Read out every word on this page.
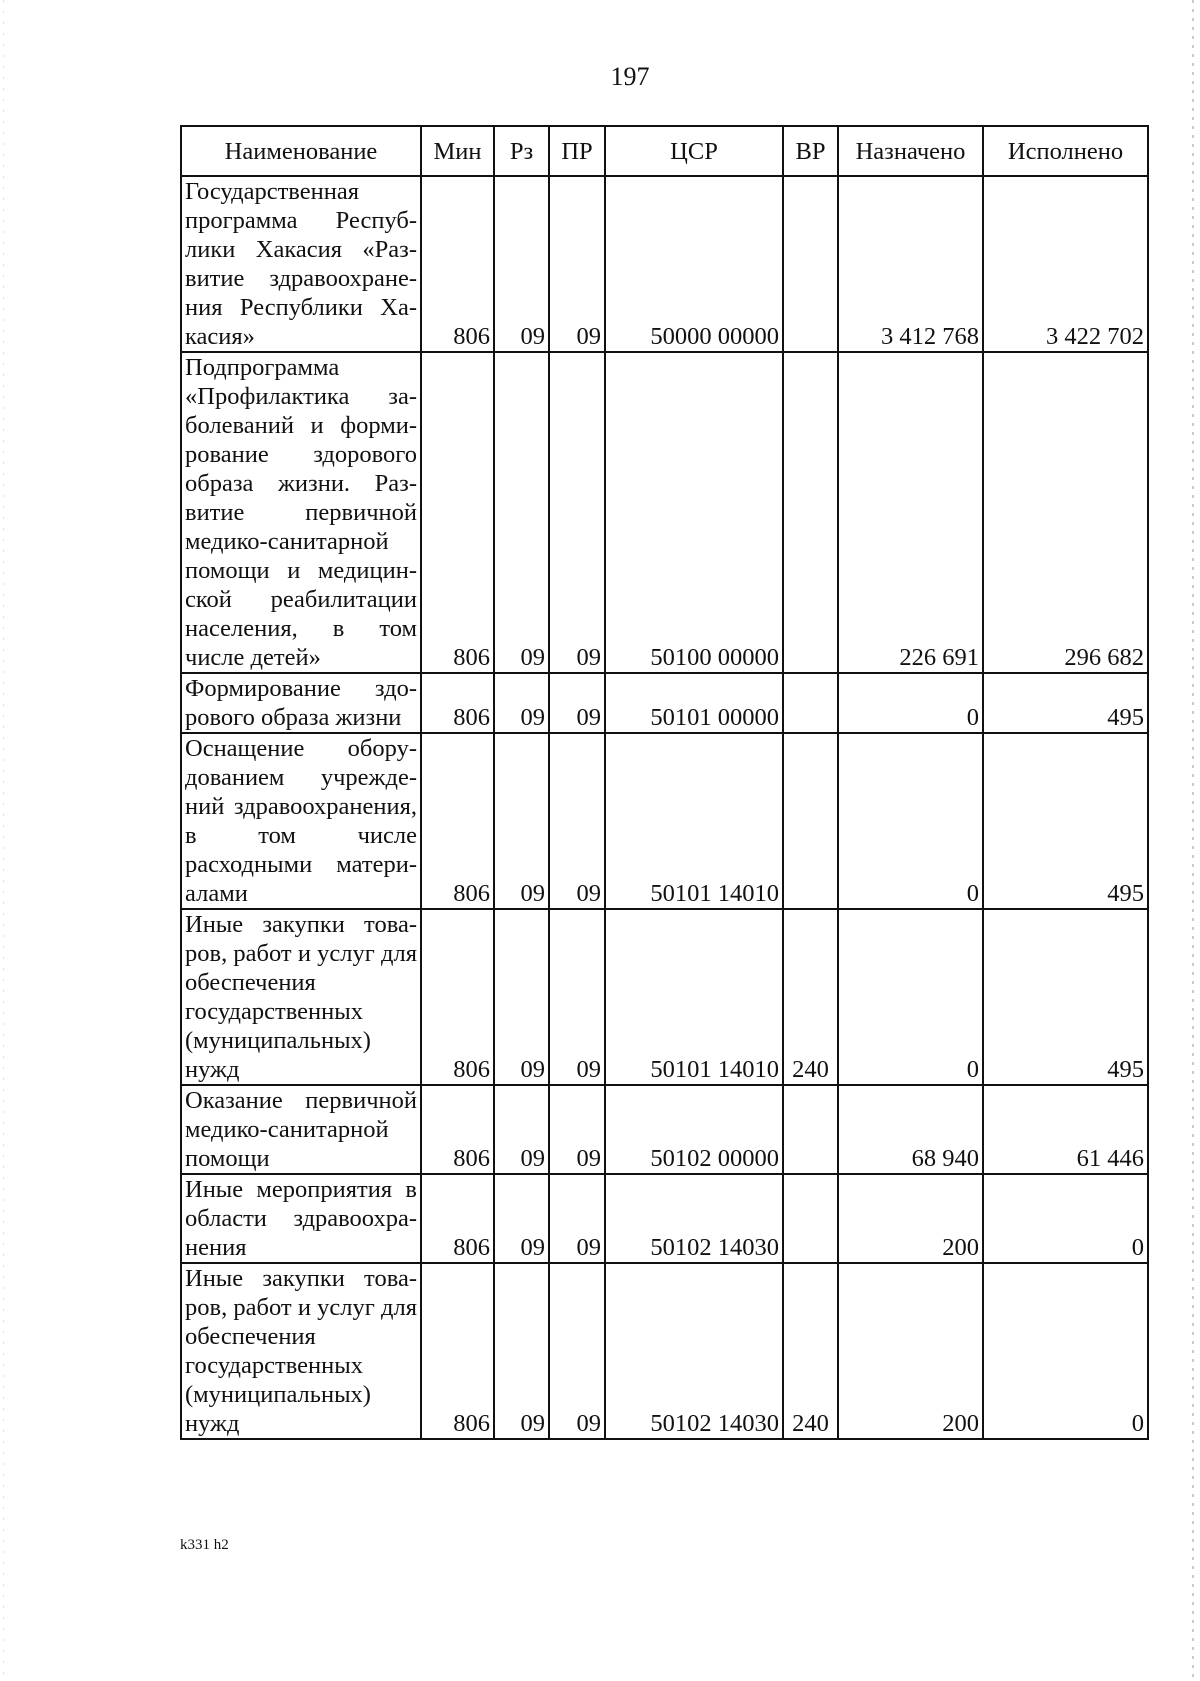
197
Наименование	Мин	Рз	ПР	ЦСР	ВР	Назначено	Исполнено
Государственная программа Республики Хакасия «Развитие здравоохранения Республики Хакасия»	806	09	09	50000 00000		3 412 768	3 422 702
Подпрограмма «Профилактика заболеваний и формирование здорового образа жизни. Развитие первичной медико-санитарной помощи и медицинской реабилитации населения, в том числе детей»	806	09	09	50100 00000		226 691	296 682
Формирование здорового образа жизни	806	09	09	50101 00000		0	495
Оснащение оборудованием учреждений здравоохранения, в том числе расходными материалами	806	09	09	50101 14010		0	495
Иные закупки товаров, работ и услуг для обеспечения государственных (муниципальных) нужд	806	09	09	50101 14010	240	0	495
Оказание первичной медико-санитарной помощи	806	09	09	50102 00000		68 940	61 446
Иные мероприятия в области здравоохранения	806	09	09	50102 14030		200	0
Иные закупки товаров, работ и услуг для обеспечения государственных (муниципальных) нужд	806	09	09	50102 14030	240	200	0
k331 h2
